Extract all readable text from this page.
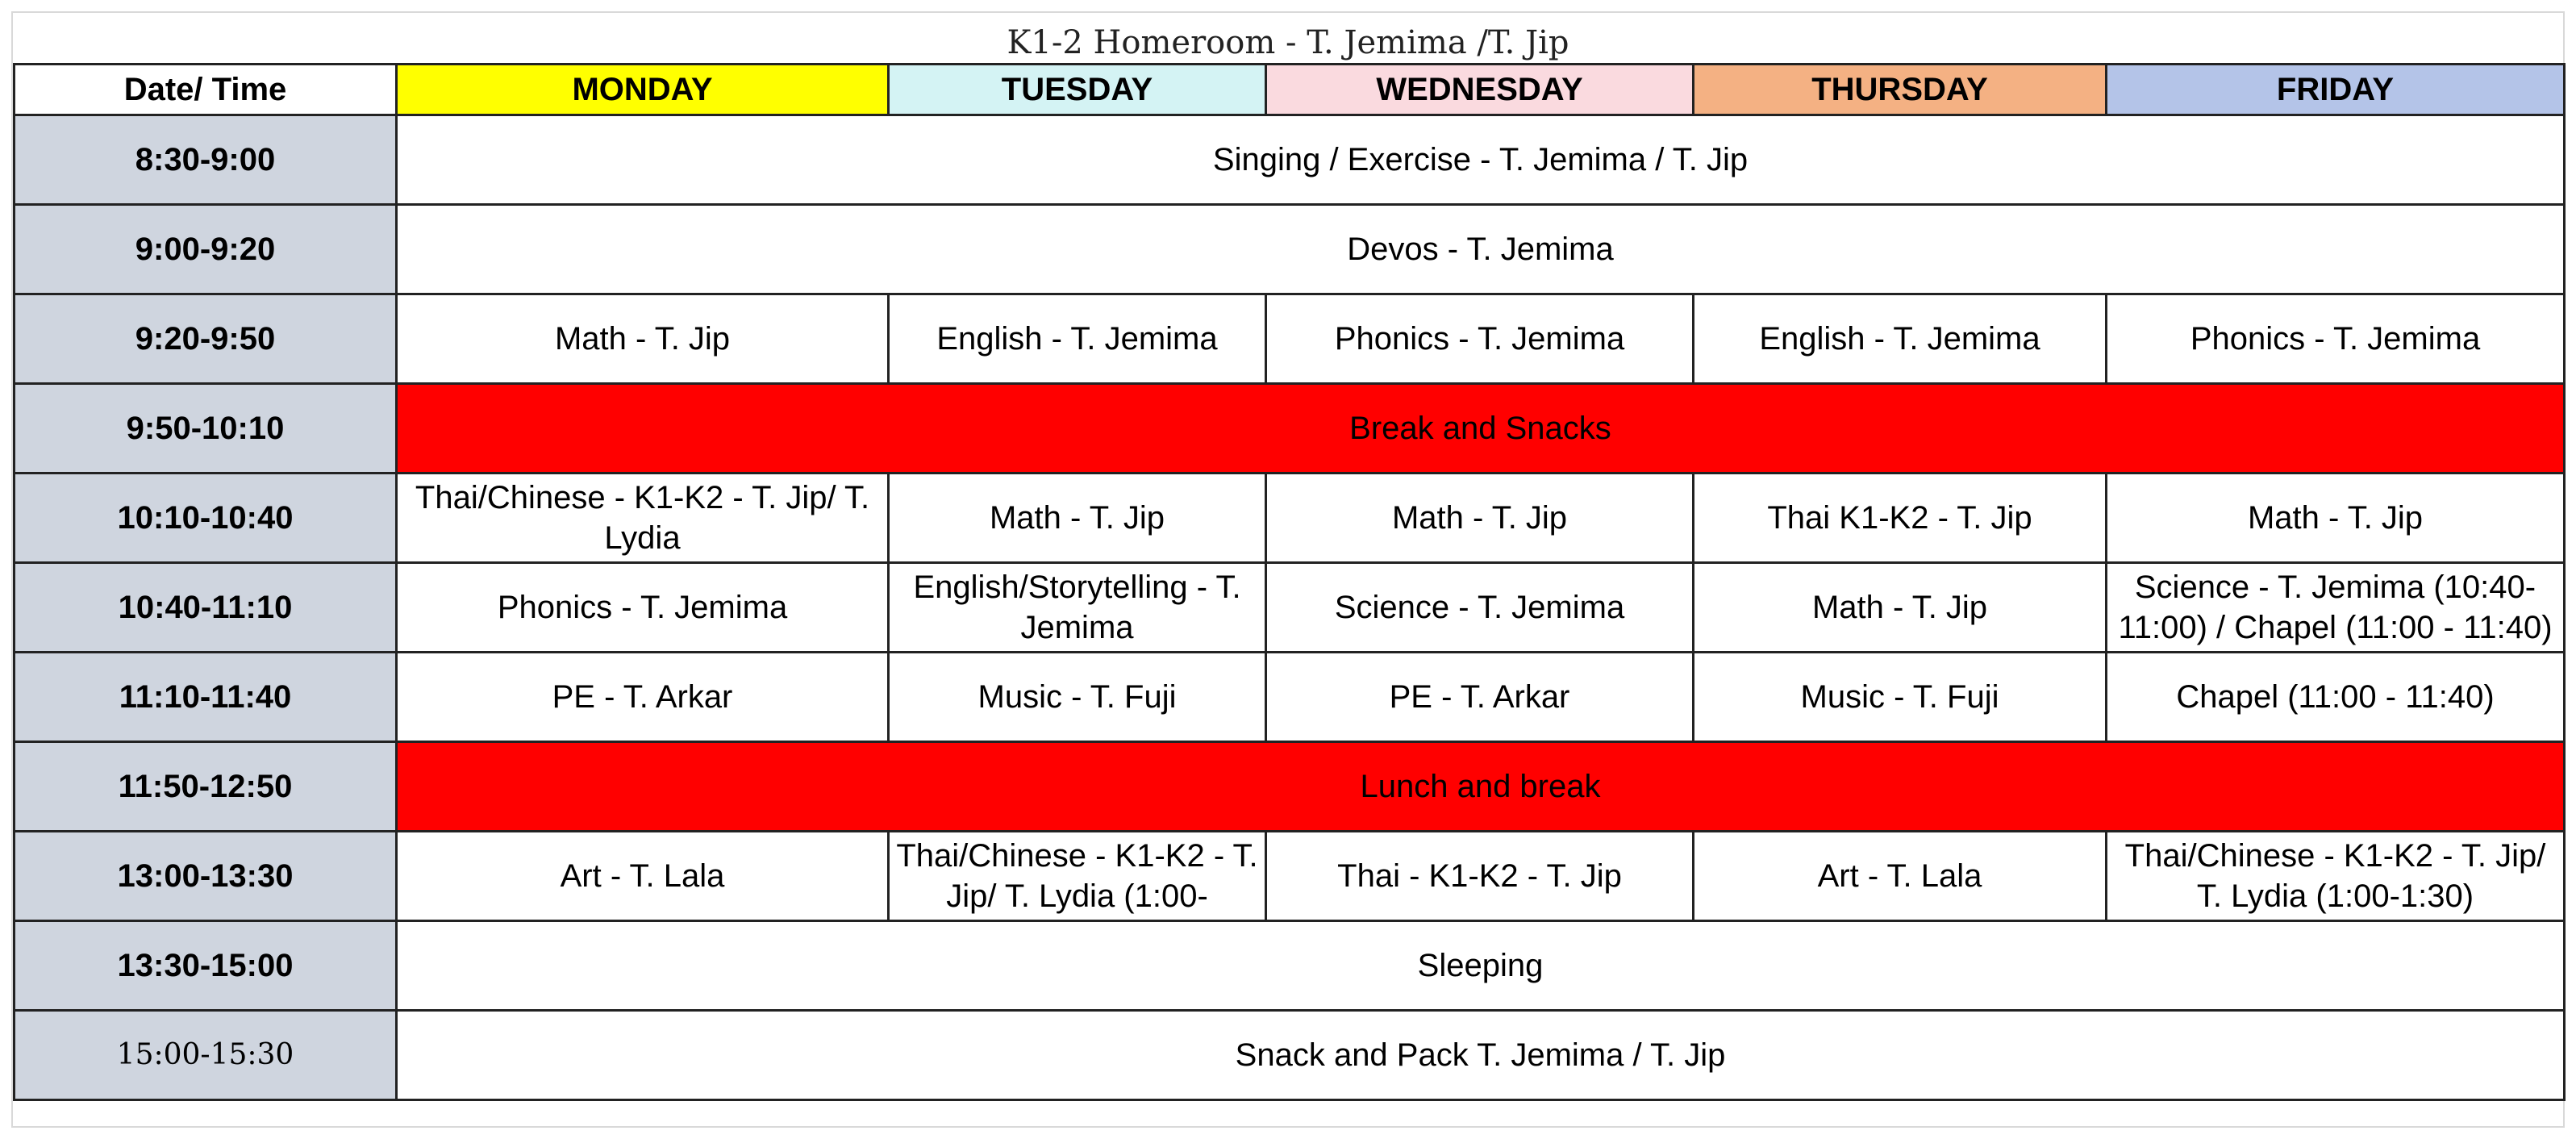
K1-2 Homeroom - T. Jemima /T. Jip
Date/ Time	MONDAY	TUESDAY	WEDNESDAY	THURSDAY	FRIDAY
8:30-9:00	Singing / Exercise - T. Jemima / T. Jip				
9:00-9:20	Devos - T. Jemima				
9:20-9:50	Math - T. Jip	English - T. Jemima	Phonics - T. Jemima	English - T. Jemima	Phonics - T. Jemima
9:50-10:10	Break and Snacks				
10:10-10:40	Thai/Chinese - K1-K2 - T. Jip/ T. Lydia	Math - T. Jip	Math - T. Jip	Thai K1-K2 - T. Jip	Math - T. Jip
10:40-11:10	Phonics - T. Jemima	English/Storytelling - T. Jemima	Science - T. Jemima	Math - T. Jip	Science - T. Jemima (10:40-11:00) / Chapel (11:00 - 11:40)
11:10-11:40	PE - T. Arkar	Music - T. Fuji	PE - T. Arkar	Music - T. Fuji	Chapel (11:00 - 11:40)
11:50-12:50	Lunch and break				
13:00-13:30	Art - T. Lala	Thai/Chinese - K1-K2 - T. Jip/ T. Lydia (1:00-	Thai - K1-K2 - T. Jip	Art - T. Lala	Thai/Chinese - K1-K2 - T. Jip/ T. Lydia (1:00-1:30)

13:30-15:00	Sleeping				
15:00-15:30	Snack and Pack T. Jemima / T. Jip				
